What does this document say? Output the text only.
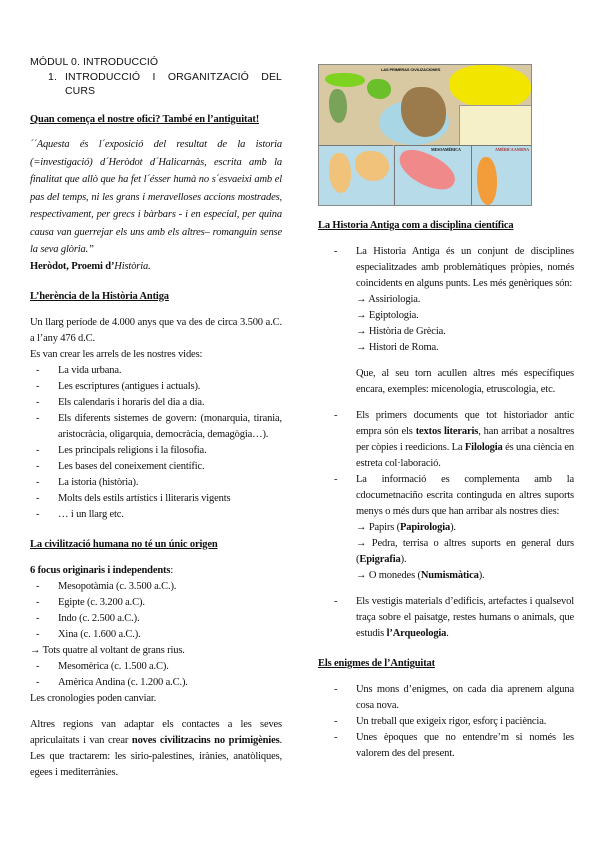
MÓDUL 0. INTRODUCCIÓ
1. INTRODUCCIÓ I ORGANITZACIÓ DEL CURS
Quan comença el nostre ofici? També en l’antiguitat!
´´Aquesta és l´exposició del resultat de la istoria (=investigació) d´Heròdot d´Halicarnàs, escrita amb la finalitat que allò que ha fet l´ésser humà no s´esvaeixi amb el pas del temps, ni les grans i meravelloses accions mostrades, respectivament, per grecs i bàrbars - i en especial, per quina causa van guerrejar els uns amb els altres– romanguin sense la seva glòria.”
Heròdot, Proemi d’Història.
L’herència de la Història Antiga
Un llarg període de 4.000 anys que va des de circa 3.500 a.C. a l’any 476 d.C.
Es van crear les arrels de les nostres vides:
- La vida urbana.
- Les escriptures (antigues i actuals).
- Els calendaris i horaris del dia a dia.
- Els diferents sistemes de govern: (monarquia, tirania, aristocràcia, oligarquia, democràcia, demagògia…).
- Les principals religions i la filosofia.
- Les bases del coneixement científic.
- La istoria (història).
- Molts dels estils artístics i lliteraris vigents
- … i un llarg etc.
La civilització humana no té un únic origen
6 focus originaris i independents:
- Mesopotàmia (c. 3.500 a.C.).
- Egipte (c. 3.200 a.C).
- Indo (c. 2.500 a.C.).
- Xina (c. 1.600 a.C.).
→ Tots quatre al voltant de grans rius.
- Mesomèrica (c. 1.500 a.C).
- Amèrica Andina (c. 1.200 a.C.).
Les cronologies poden canviar.
Altres regions van adaptar els contactes a les seves apriculaitats i van crear noves civilitzacins no primigènies. Les que tractarem: les sirio-palestines, irànies, anatòliques, egees i mediterrànies.
LAS PRIMERAS CIVILIZACIONES
MESOAMÉRICA	AMÉRICA ANDINA
La Historia Antiga com a disciplina científica
- La Historia Antiga és un conjunt de disciplines especialitzades amb problemàtiques pròpies, només coincidents en alguns punts. Les més genèriques són:
→ Assiriologia.
→ Egiptologia.
→ Història de Grècia.
→ Histori de Roma.
Que, al seu torn acullen altres més específiques encara, exemples: micenologia, etruscologia, etc.
- Els primers documents que tot historiador antic empra són els textos literaris, han arribat a nosaltres per còpies i reedicions. La Filologia és una ciència en estreta col·laboració.
- La informació es complementa amb la cdocumetnaciño escrita continguda en altres suports menys o més durs que han arribar als nostres dies:
→ Papirs (Papirologia).
→ Pedra, terrisa o altres suports en general durs (Epigrafia).
→ O monedes (Numismàtica).
- Els vestigis materials d’edificis, artefactes i qualsevol traça sobre el paisatge, restes humans o animals, que estudis l’Arqueologia.
Els enigmes de l’Antiguitat
- Uns mons d’enigmes, on cada dia aprenem alguna cosa nova.
- Un treball que exigeix rigor, esforç i paciència.
- Unes èpoques que no entendre’m si només les valorem des del present.
